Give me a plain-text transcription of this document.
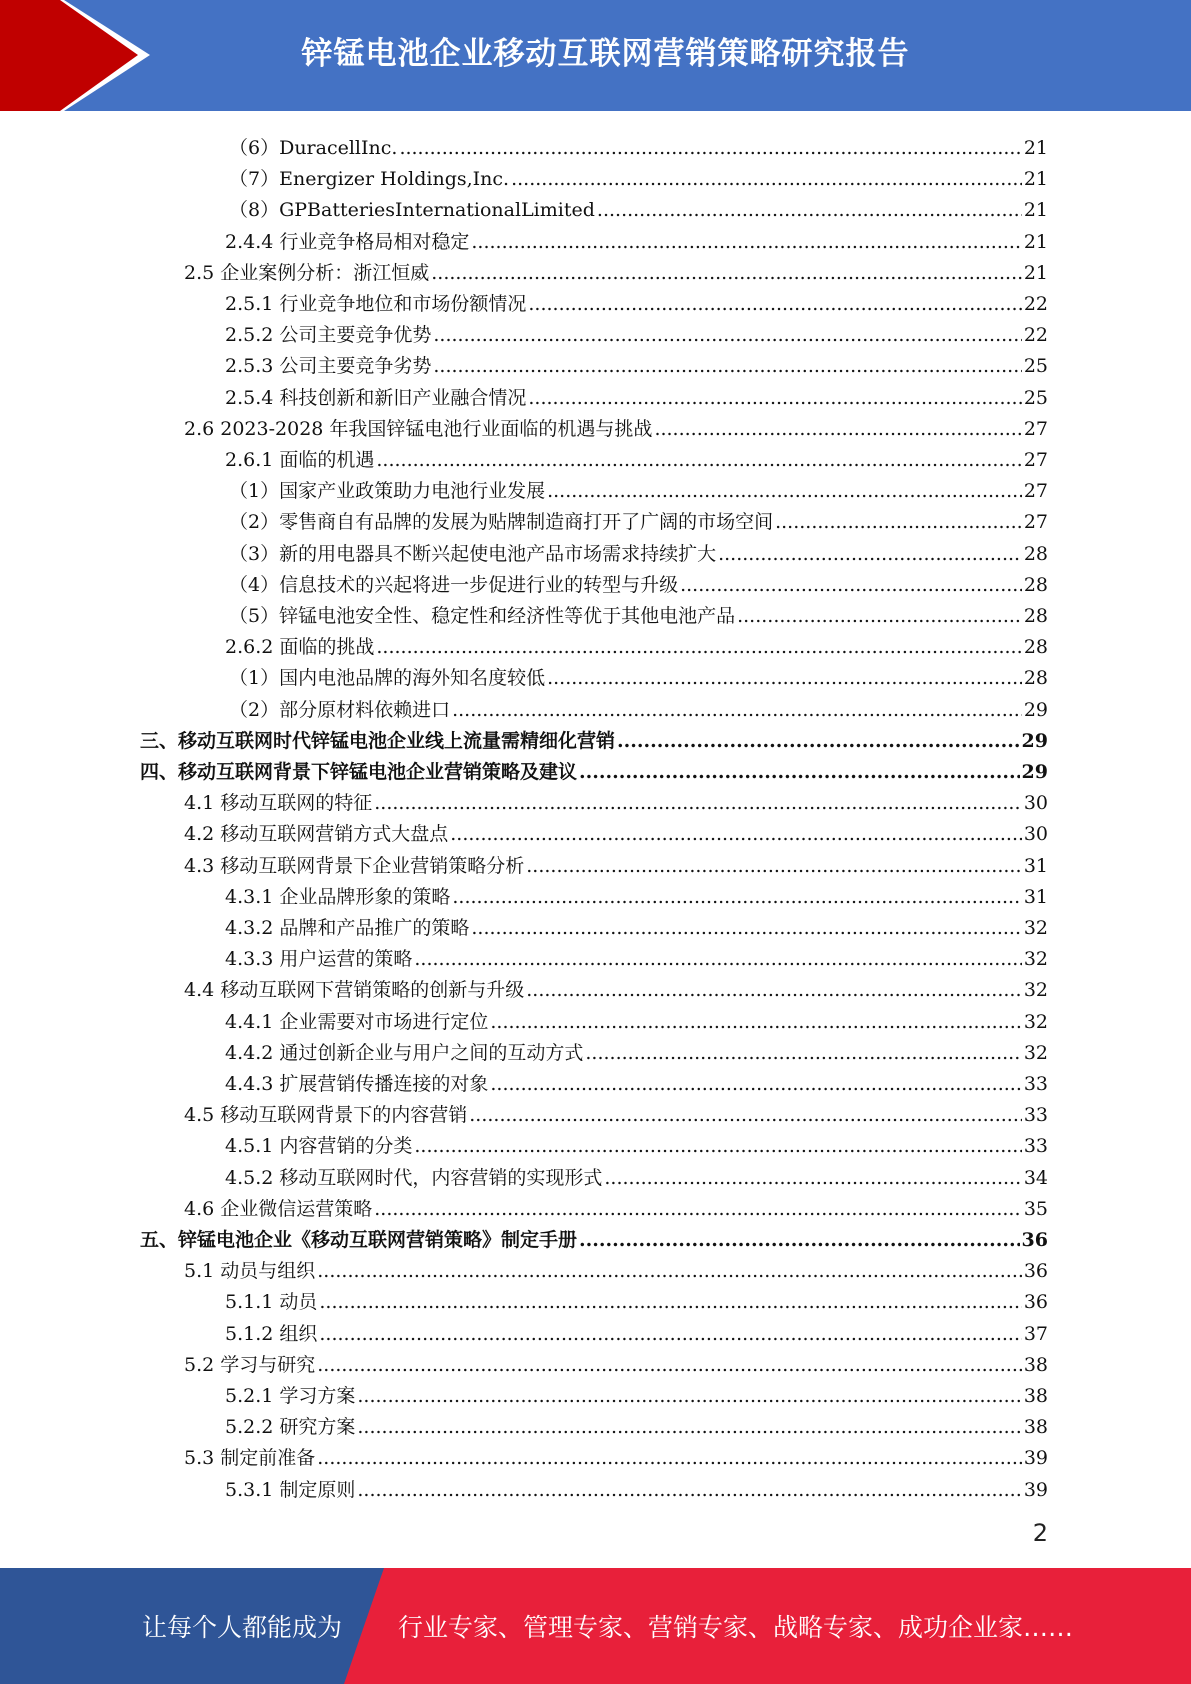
锌锰电池企业移动互联网营销策略研究报告
（6）DuracellInc. .....	21
（7）Energizer Holdings,Inc. .....	21
（8）GPBatteriesInternationalLimited .....	21
2.4.4 行业竞争格局相对稳定 .....	21
2.5 企业案例分析：浙江恒威 .....	21
2.5.1 行业竞争地位和市场份额情况 .....	22
2.5.2 公司主要竞争优势 .....	22
2.5.3 公司主要竞争劣势 .....	25
2.5.4 科技创新和新旧产业融合情况 .....	25
2.6 2023-2028 年我国锌锰电池行业面临的机遇与挑战 .....	27
2.6.1 面临的机遇 .....	27
（1）国家产业政策助力电池行业发展 .....	27
（2）零售商自有品牌的发展为贴牌制造商打开了广阔的市场空间 .....	27
（3）新的用电器具不断兴起使电池产品市场需求持续扩大 .....	28
（4）信息技术的兴起将进一步促进行业的转型与升级 .....	28
（5）锌锰电池安全性、稳定性和经济性等优于其他电池产品 .....	28
2.6.2 面临的挑战 .....	28
（1）国内电池品牌的海外知名度较低 .....	28
（2）部分原材料依赖进口 .....	29
三、移动互联网时代锌锰电池企业线上流量需精细化营销 .....	29
四、移动互联网背景下锌锰电池企业营销策略及建议 .....	29
4.1 移动互联网的特征 .....	30
4.2 移动互联网营销方式大盘点 .....	30
4.3 移动互联网背景下企业营销策略分析 .....	31
4.3.1 企业品牌形象的策略 .....	31
4.3.2 品牌和产品推广的策略 .....	32
4.3.3 用户运营的策略 .....	32
4.4 移动互联网下营销策略的创新与升级 .....	32
4.4.1 企业需要对市场进行定位 .....	32
4.4.2 通过创新企业与用户之间的互动方式 .....	32
4.4.3 扩展营销传播连接的对象 .....	33
4.5 移动互联网背景下的内容营销 .....	33
4.5.1 内容营销的分类 .....	33
4.5.2 移动互联网时代，内容营销的实现形式 .....	34
4.6 企业微信运营策略 .....	35
五、锌锰电池企业《移动互联网营销策略》制定手册 .....	36
5.1 动员与组织 .....	36
5.1.1 动员 .....	36
5.1.2 组织 .....	37
5.2 学习与研究 .....	38
5.2.1 学习方案 .....	38
5.2.2 研究方案 .....	38
5.3 制定前准备 .....	39
5.3.1 制定原则 .....	39
2
让每个人都能成为 行业专家、管理专家、营销专家、战略专家、成功企业家……
